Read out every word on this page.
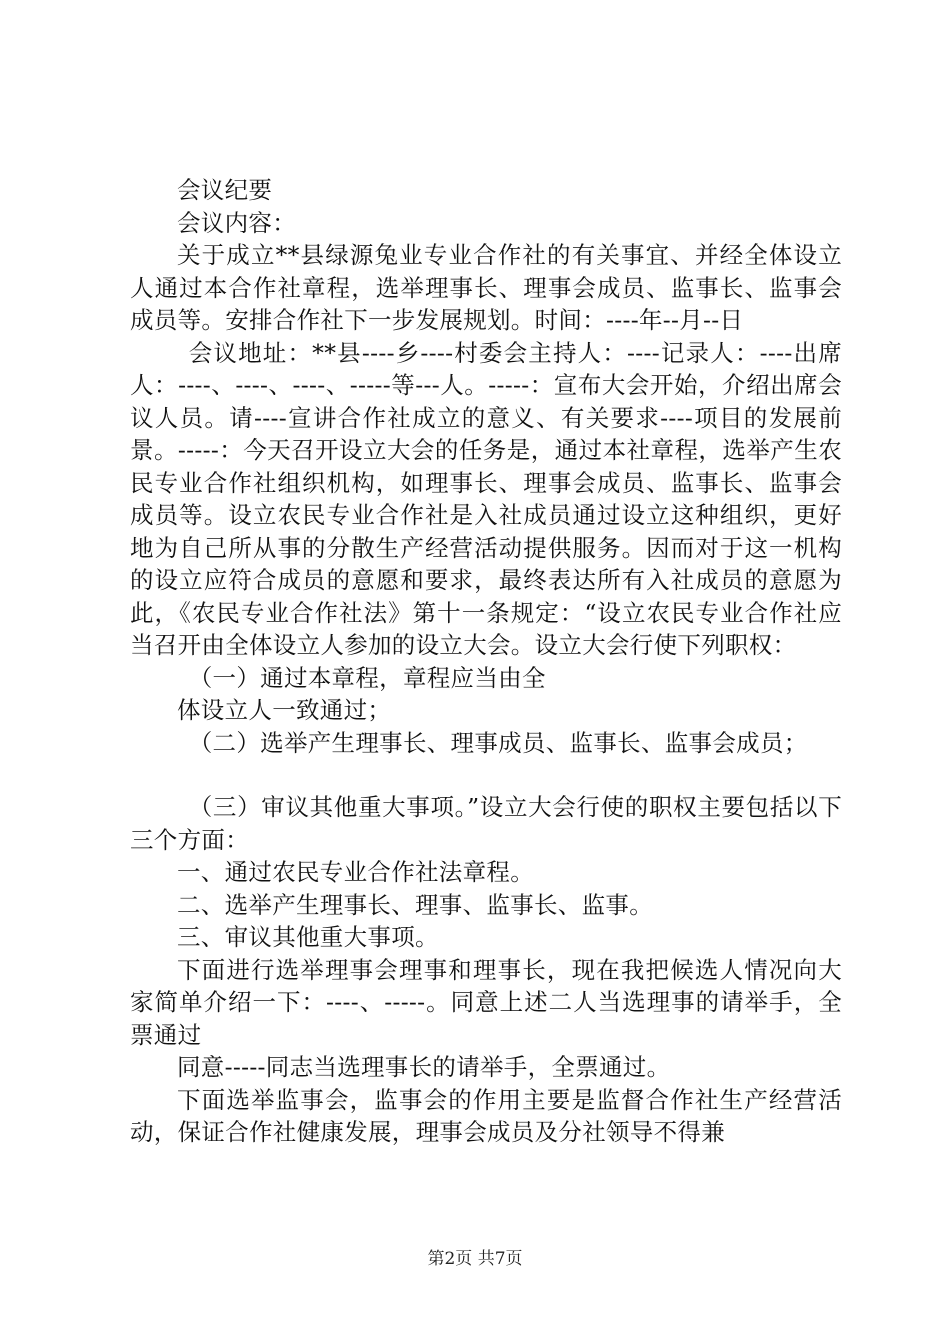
会议纪要

会议内容：

关于成立**县绿源兔业专业合作社的有关事宜、并经全体设立人通过本合作社章程，选举理事长、理事会成员、监事长、监事会成员等。安排合作社下一步发展规划。时间：----年--月--日

会议地址：**县----乡----村委会主持人：----记录人：----出席人：----、----、----、-----等---人。-----：宣布大会开始，介绍出席会议人员。请----宣讲合作社成立的意义、有关要求----项目的发展前景。-----：今天召开设立大会的任务是，通过本社章程，选举产生农民专业合作社组织机构，如理事长、理事会成员、监事长、监事会成员等。设立农民专业合作社是入社成员通过设立这种组织，更好地为自己所从事的分散生产经营活动提供服务。因而对于这一机构的设立应符合成员的意愿和要求，最终表达所有入社成员的意愿为此，《农民专业合作社法》第十一条规定：“设立农民专业合作社应当召开由全体设立人参加的设立大会。设立大会行使下列职权：

（一）通过本章程，章程应当由全

体设立人一致通过；

（二）选举产生理事长、理事成员、监事长、监事会成员；

（三）审议其他重大事项。”设立大会行使的职权主要包括以下三个方面：

一、通过农民专业合作社法章程。

二、选举产生理事长、理事、监事长、监事。

三、审议其他重大事项。

下面进行选举理事会理事和理事长，现在我把候选人情况向大家简单介绍一下：----、-----。同意上述二人当选理事的请举手，全票通过

同意-----同志当选理事长的请举手，全票通过。

下面选举监事会，监事会的作用主要是监督合作社生产经营活动，保证合作社健康发展，理事会成员及分社领导不得兼

第2页 共7页
